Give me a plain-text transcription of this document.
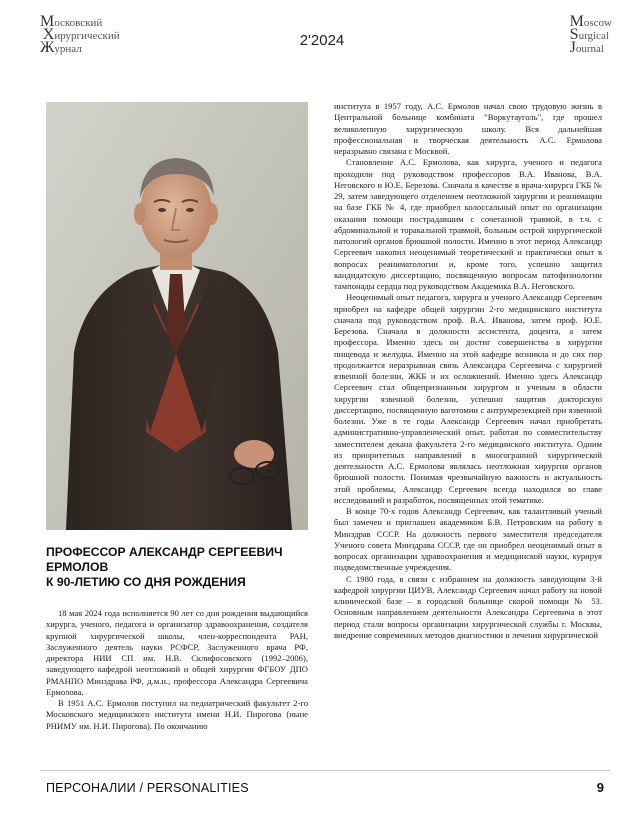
Московский
Хирургический
Журнал	2'2024
Moscow
Surgical
Journal
ПРОФЕССОР АЛЕКСАНДР СЕРГЕЕВИЧ
ЕРМОЛОВ
К 90-ЛЕТИЮ СО ДНЯ РОЖДЕНИЯ

18 мая 2024 года исполняется 90 лет со дня рождения выдающийся хирурга, ученого, педагога и организатор здравоохранения, создателя крупной хирургической школы, член-корреспондента РАН, Заслуженного деятель науки РСФСР, Заслуженного врача РФ, директора НИИ СП им. Н.В. Склифосовского (1992–2006), заведующего кафедрой неотложной и общей хирургии ФГБОУ ДПО РМАНПО Минздрава РФ, д.м.н., профессора Александра Сергеевича Ермолова.

В 1951 А.С. Ермолов поступил на педиатрический факультет 2-го Московского медицинского института имени Н.И. Пирогова (ныне РНИМУ им. Н.И. Пирогова). По окончанию

института в 1957 году, А.С. Ермолов начал свою трудовую жизнь в Центральной больнице комбината "Воркутауголь", где прошел великолепную хирургическую школу. Вся дальнейшая профессиональная и творческая деятельность А.С. Ермолова неразрывно связана с Москвой.

Становление А.С. Ермолова, как хирурга, ученого и педагога проходили под руководством профессоров В.А. Иванова, В.А. Неговского и Ю.Е. Березова. Сначала в качестве в врача-хирурга ГКБ № 29, затем заведующего отделением неотложной хирургии и реанимации на базе ГКБ № 4, где приобрел колоссальный опыт по организации оказания помощи пострадавшим с сочетанной травмой, в т.ч. с абдоминальной и торакальной травмой, больным острой хирургической патологий органов брюшной полости. Именно в этот период Александр Сергеевич накопил неоценимый теоретический и практически опыт в вопросах реаниматологии и, кроме того, успешно защитил кандидатскую диссертацию, посвященную вопросам патофизиологии тампонады сердца под руководством Академика В.А. Неговского.

Неоценимый опыт педагога, хирурга и ученого Александр Сергеевич приобрел на кафедре общей хирургии 2-го медицинского института сначала под руководством проф. В.А. Иванова, затем проф. Ю.Е. Березова. Сначала в должности ассистента, доцента, а затем профессора. Именно здесь он достиг совершенства в хирургии пищевода и желудка. Именно на этой кафедре возникла и до сих пор продолжается неразрывная связь Александра Сергеевича с хирургией язвенной болезни, ЖКБ и их осложнений. Именно здесь Александр Сергеевич стал общепризнанным хирургом и ученым в области хирургии язвенной болезни, успешно защитив докторскую диссертацию, посвященную ваготомии с антрумрезекцией при язвенной болезни. Уже в те годы Александр Сергеевич начал приобретать административно-управленческий опыт, работая по совместительству заместителем декана факультета 2-го медицинского института. Одним из приоритетных направлений в многогранной хирургической деятельности А.С. Ермолова являлась неотложная хирургия органов брюшной полости. Понимая чрезвычайную важность и актуальность этой проблемы, Александр Сергеевич всегда находился во главе исследований и разработок, посвященных этой тематике.

В конце 70-х годов Александр Сергеевич, как талантливый ученый был замечен и приглашен академиком Б.В. Петровским на работу в Минздрав СССР. На должность первого заместителя председателя Ученого совета Минздрава СССР, где он приобрел неоценимый опыт в вопросах организации здравоохранения и медицинской науки, курируя подведомственные учреждения.

С 1980 года, в связи с избранием на должность заведующим 3-й кафедрой хирургии ЦИУВ, Александр Сергеевич начал работу на новой клинической базе – в городской больнице скорой помощи № 53. Основным направлением деятельности Александра Сергеевича в этот период стали вопросы организации хирургической службы г. Москвы, внедрение современных методов диагностики и лечения хирургической

ПЕРСОНАЛИИ / PERSONALITIES	9
